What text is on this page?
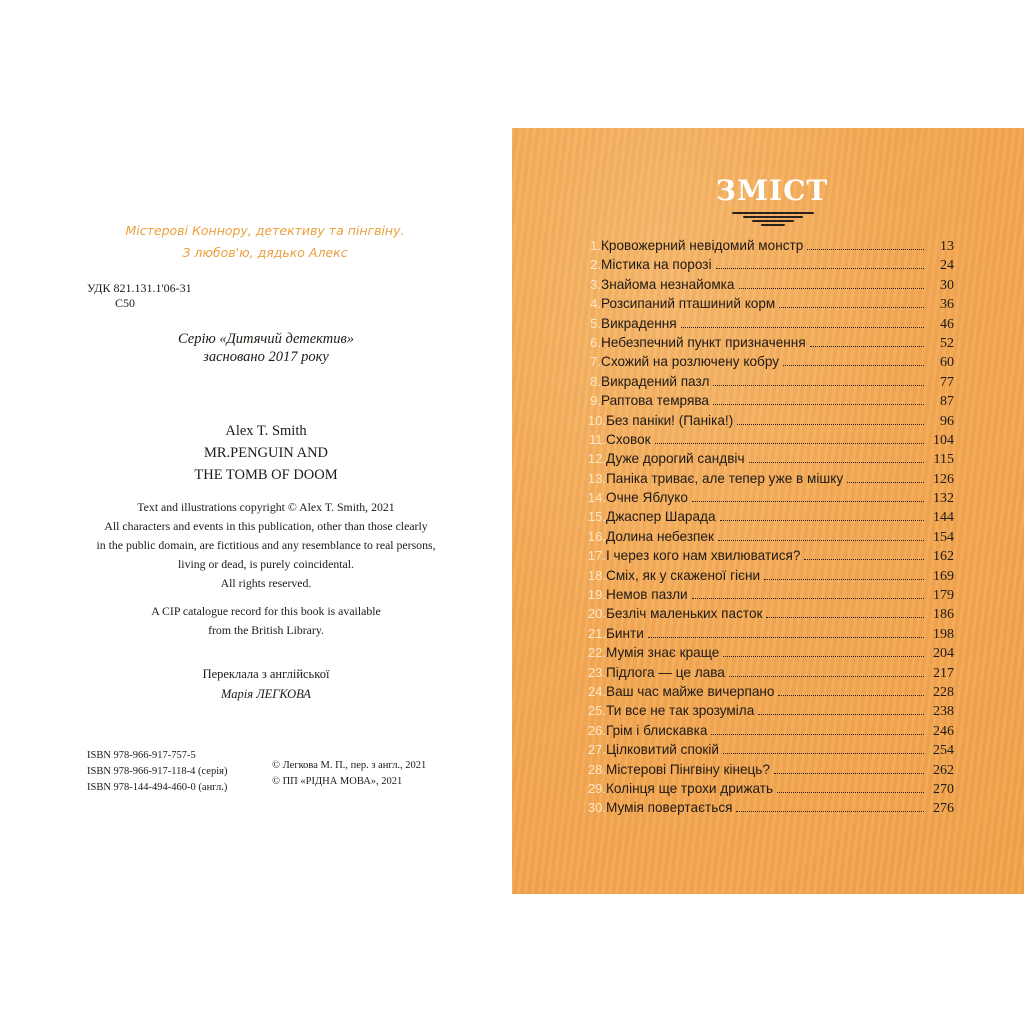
Містерові Коннору, детективу та пінгвіну.
З любов'ю, дядько Алекс
УДК 821.131.1'06-31
С50
Серію «Дитячий детектив»
засновано 2017 року
Alex T. Smith
MR.PENGUIN AND
THE TOMB OF DOOM
Text and illustrations copyright © Alex T. Smith, 2021
All characters and events in this publication, other than those clearly
in the public domain, are fictitious and any resemblance to real persons,
living or dead, is purely coincidental.
All rights reserved.
A CIP catalogue record for this book is available
from the British Library.
Переклала з англійської
Марія ЛЕГКОВА
ISBN 978-966-917-757-5
ISBN 978-966-917-118-4 (серія)
ISBN 978-144-494-460-0 (англ.)
© Легкова М. П., пер. з англ., 2021
© ПП «РІДНА МОВА», 2021
ЗМІСТ
1. Кровожерний невідомий монстр	13
2. Містика на порозі	24
3. Знайома незнайомка	30
4. Розсипаний пташиний корм	36
5. Викрадення	46
6. Небезпечний пункт призначення	52
7. Схожий на розлючену кобру	60
8. Викрадений пазл	77
9. Раптова темрява	87
10. Без паніки! (Паніка!)	96
11. Сховок	104
12. Дуже дорогий сандвіч	115
13. Паніка триває, але тепер уже в мішку	126
14. Очне Яблуко	132
15. Джаспер Шарада	144
16. Долина небезпек	154
17. І через кого нам хвилюватися?	162
18. Сміх, як у скаженої гієни	169
19. Немов пазли	179
20. Безліч маленьких пасток	186
21. Бинти	198
22. Мумія знає краще	204
23. Підлога — це лава	217
24. Ваш час майже вичерпано	228
25. Ти все не так зрозуміла	238
26. Грім і блискавка	246
27. Цілковитий спокій	254
28. Містерові Пінгвіну кінець?	262
29. Колінця ще трохи дрижать	270
30. Мумія повертається	276
